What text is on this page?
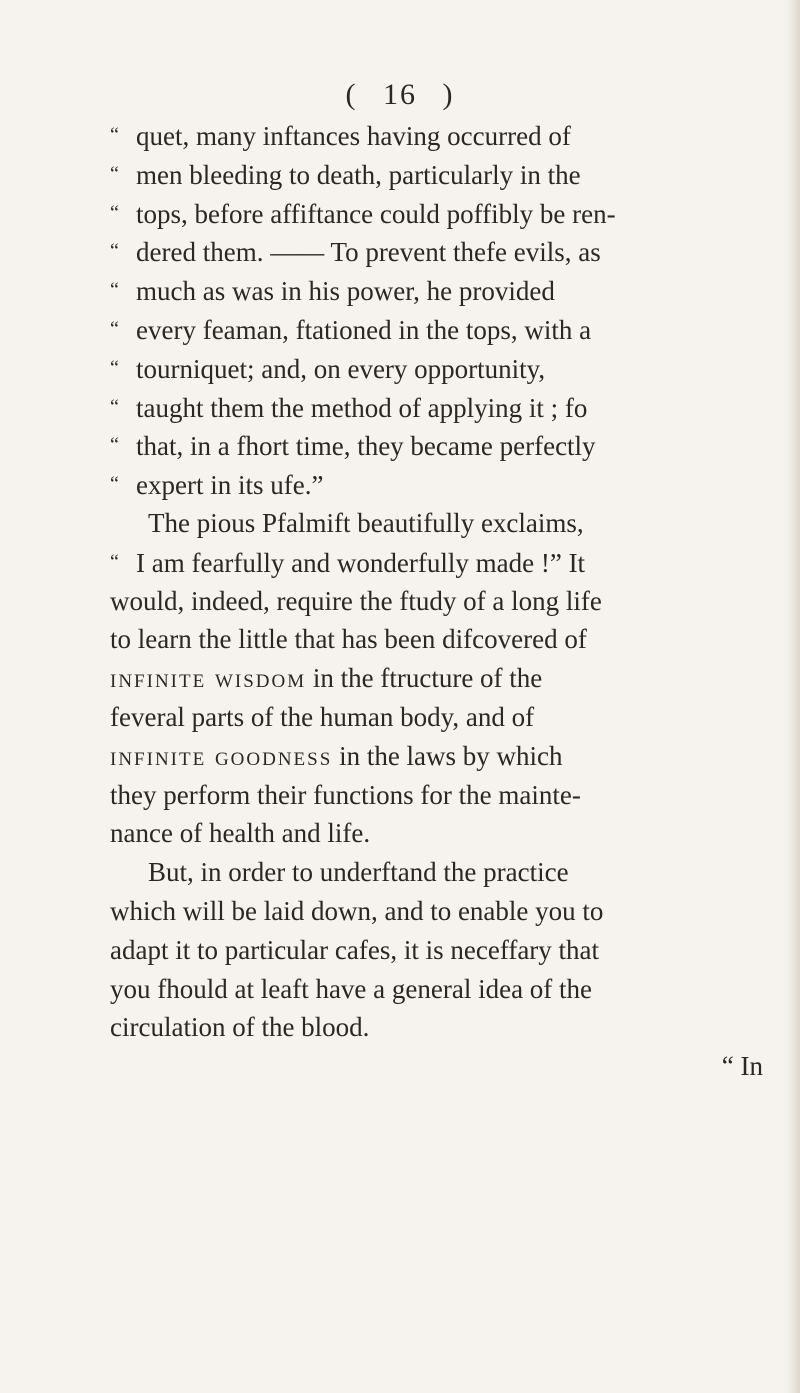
( 16 )
“ quet, many inftances having occurred of
“ men bleeding to death, particularly in the
“ tops, before affiftance could poffibly be ren-
“ dered them. —— To prevent thefe evils, as
“ much as was in his power, he provided
“ every feaman, ftationed in the tops, with a
“ tourniquet; and, on every opportunity,
“ taught them the method of applying it ; fo
“ that, in a fhort time, they became perfectly
“ expert in its ufe.”
The pious Pfalmift beautifully exclaims,
“ I am fearfully and wonderfully made !” It
would, indeed, require the ftudy of a long life
to learn the little that has been difcovered of
infinite wisdom in the ftructure of the
feveral parts of the human body, and of
infinite goodness in the laws by which
they perform their functions for the mainte-
nance of health and life.
But, in order to underftand the practice
which will be laid down, and to enable you to
adapt it to particular cafes, it is neceffary that
you fhould at leaft have a general idea of the
circulation of the blood.
“ In
